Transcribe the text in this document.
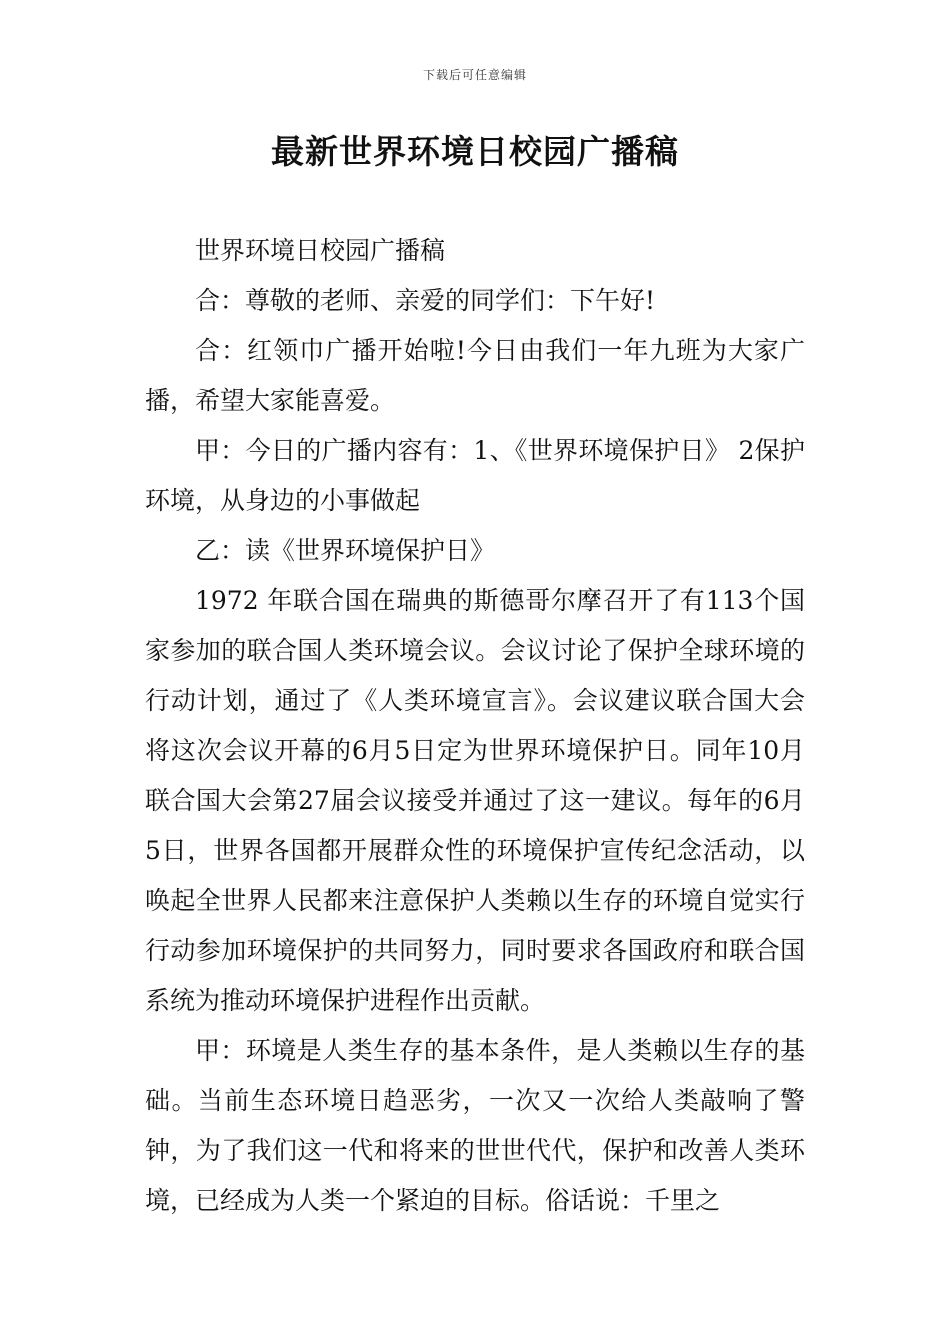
下载后可任意编辑
最新世界环境日校园广播稿

世界环境日校园广播稿

合：尊敬的老师、亲爱的同学们：下午好!

合：红领巾广播开始啦!今日由我们一年九班为大家广播，希望大家能喜爱。

甲：今日的广播内容有：1、《世界环境保护日》 2保护环境，从身边的小事做起

乙：读《世界环境保护日》

1972 年联合国在瑞典的斯德哥尔摩召开了有113个国家参加的联合国人类环境会议。会议讨论了保护全球环境的行动计划，通过了《人类环境宣言》。会议建议联合国大会将这次会议开幕的6月5日定为世界环境保护日。同年10月联合国大会第27届会议接受并通过了这一建议。每年的6月5日，世界各国都开展群众性的环境保护宣传纪念活动，以唤起全世界人民都来注意保护人类赖以生存的环境自觉实行行动参加环境保护的共同努力，同时要求各国政府和联合国系统为推动环境保护进程作出贡献。

甲：环境是人类生存的基本条件，是人类赖以生存的基础。当前生态环境日趋恶劣，一次又一次给人类敲响了警钟，为了我们这一代和将来的世世代代，保护和改善人类环境，已经成为人类一个紧迫的目标。俗话说：千里之
